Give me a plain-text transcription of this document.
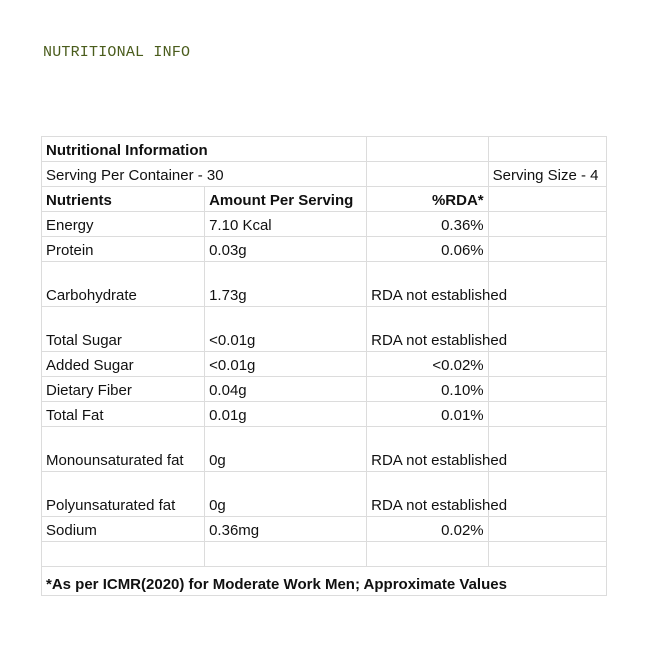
NUTRITIONAL INFO
Nutritional Information			
Serving Per Container - 30			Serving Size - 4
Nutrients	Amount Per Serving	%RDA*	
Energy	7.10 Kcal	0.36%	
Protein	0.03g	0.06%	
Carbohydrate	1.73g	RDA not established	
Total Sugar	<0.01g	RDA not established	
Added Sugar	<0.01g	<0.02%	
Dietary Fiber	0.04g	0.10%	
Total Fat	0.01g	0.01%	
Monounsaturated fat	0g	RDA not established	
Polyunsaturated fat	0g	RDA not established	
Sodium	0.36mg	0.02%	

*As per ICMR(2020) for Moderate Work Men; Approximate Values			
